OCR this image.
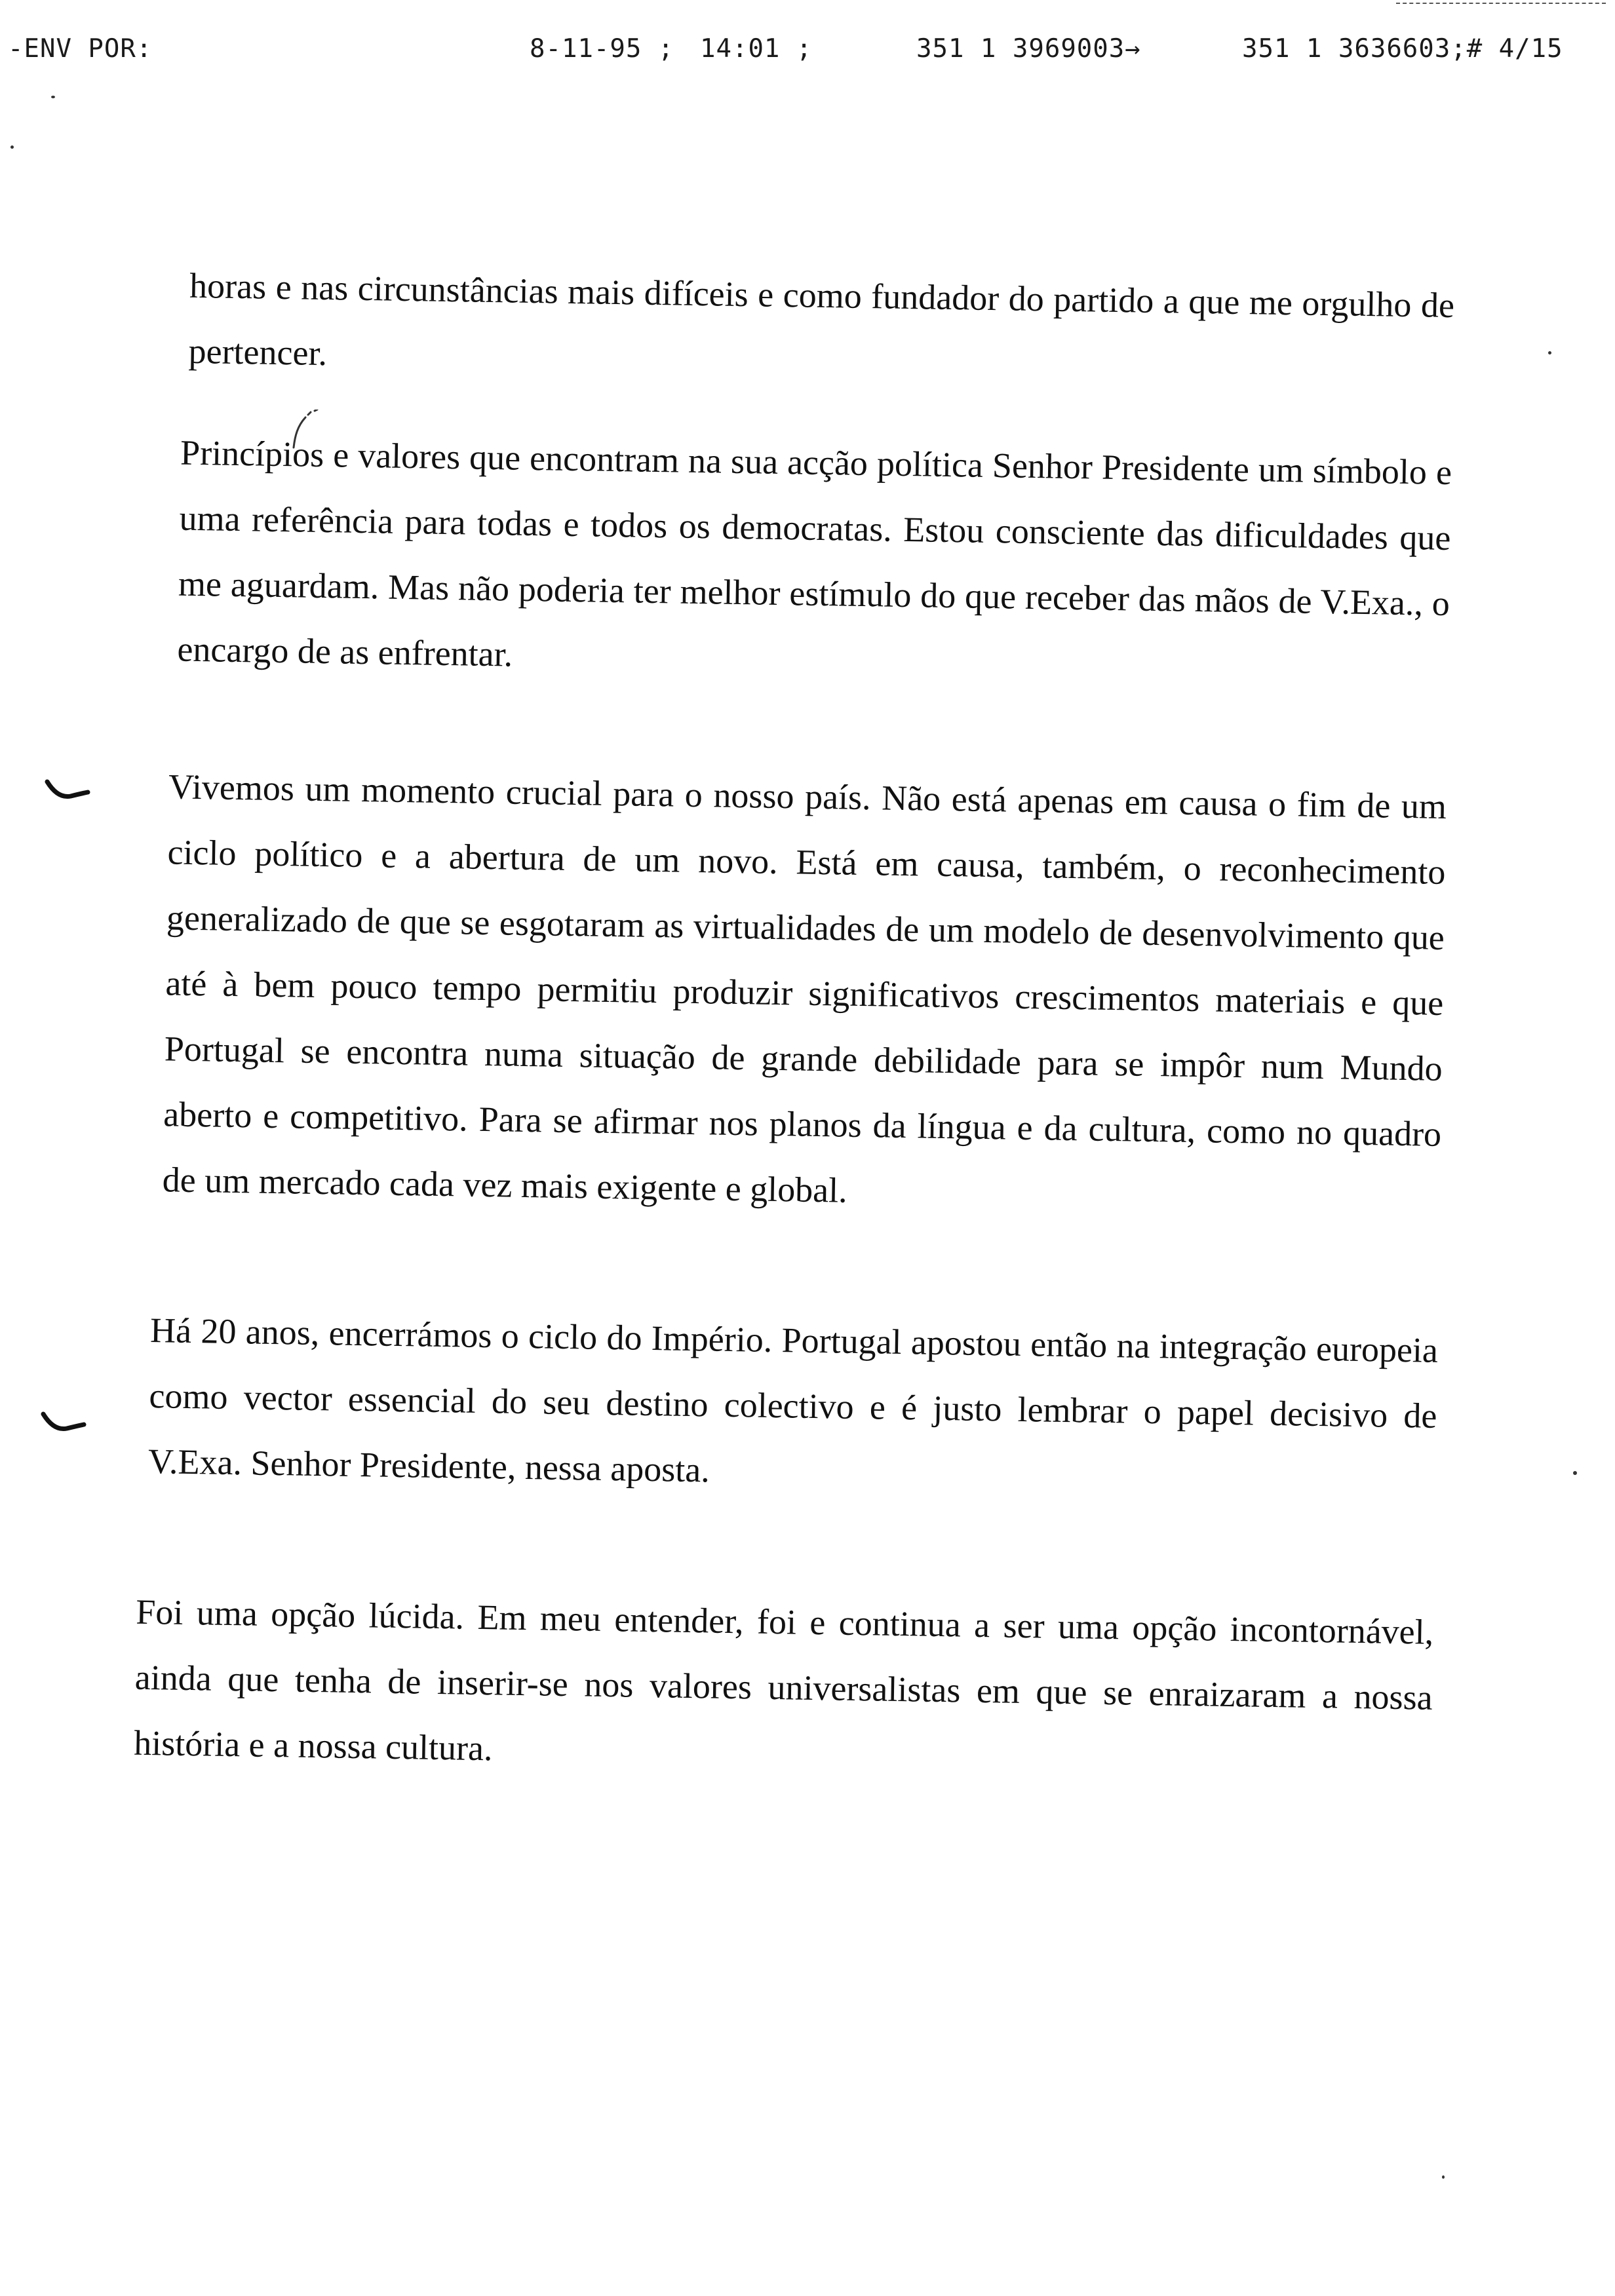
-ENV POR:	8-11-95 ; 14:01 ;	351 1 3969003→	351 1 3636603;# 4/15

horas e nas circunstâncias mais difíceis e como fundador do partido a que me orgulho de pertencer.

Princípios e valores que encontram na sua acção política Senhor Presidente um símbolo e uma referência para todas e todos os democratas. Estou consciente das dificuldades que me aguardam. Mas não poderia ter melhor estímulo do que receber das mãos de V.Exa., o encargo de as enfrentar.

Vivemos um momento crucial para o nosso país. Não está apenas em causa o fim de um ciclo político e a abertura de um novo. Está em causa, também, o reconhecimento generalizado de que se esgotaram as virtualidades de um modelo de desenvolvimento que até à bem pouco tempo permitiu produzir significativos crescimentos materiais e que Portugal se encontra numa situação de grande debilidade para se impôr num Mundo aberto e competitivo. Para se afirmar nos planos da língua e da cultura, como no quadro de um mercado cada vez mais exigente e global.

Há 20 anos, encerrámos o ciclo do Império. Portugal apostou então na integração europeia como vector essencial do seu destino colectivo e é justo lembrar o papel decisivo de V.Exa. Senhor Presidente, nessa aposta.

Foi uma opção lúcida. Em meu entender, foi e continua a ser uma opção incontornável, ainda que tenha de inserir-se nos valores universalistas em que se enraizaram a nossa história e a nossa cultura.
